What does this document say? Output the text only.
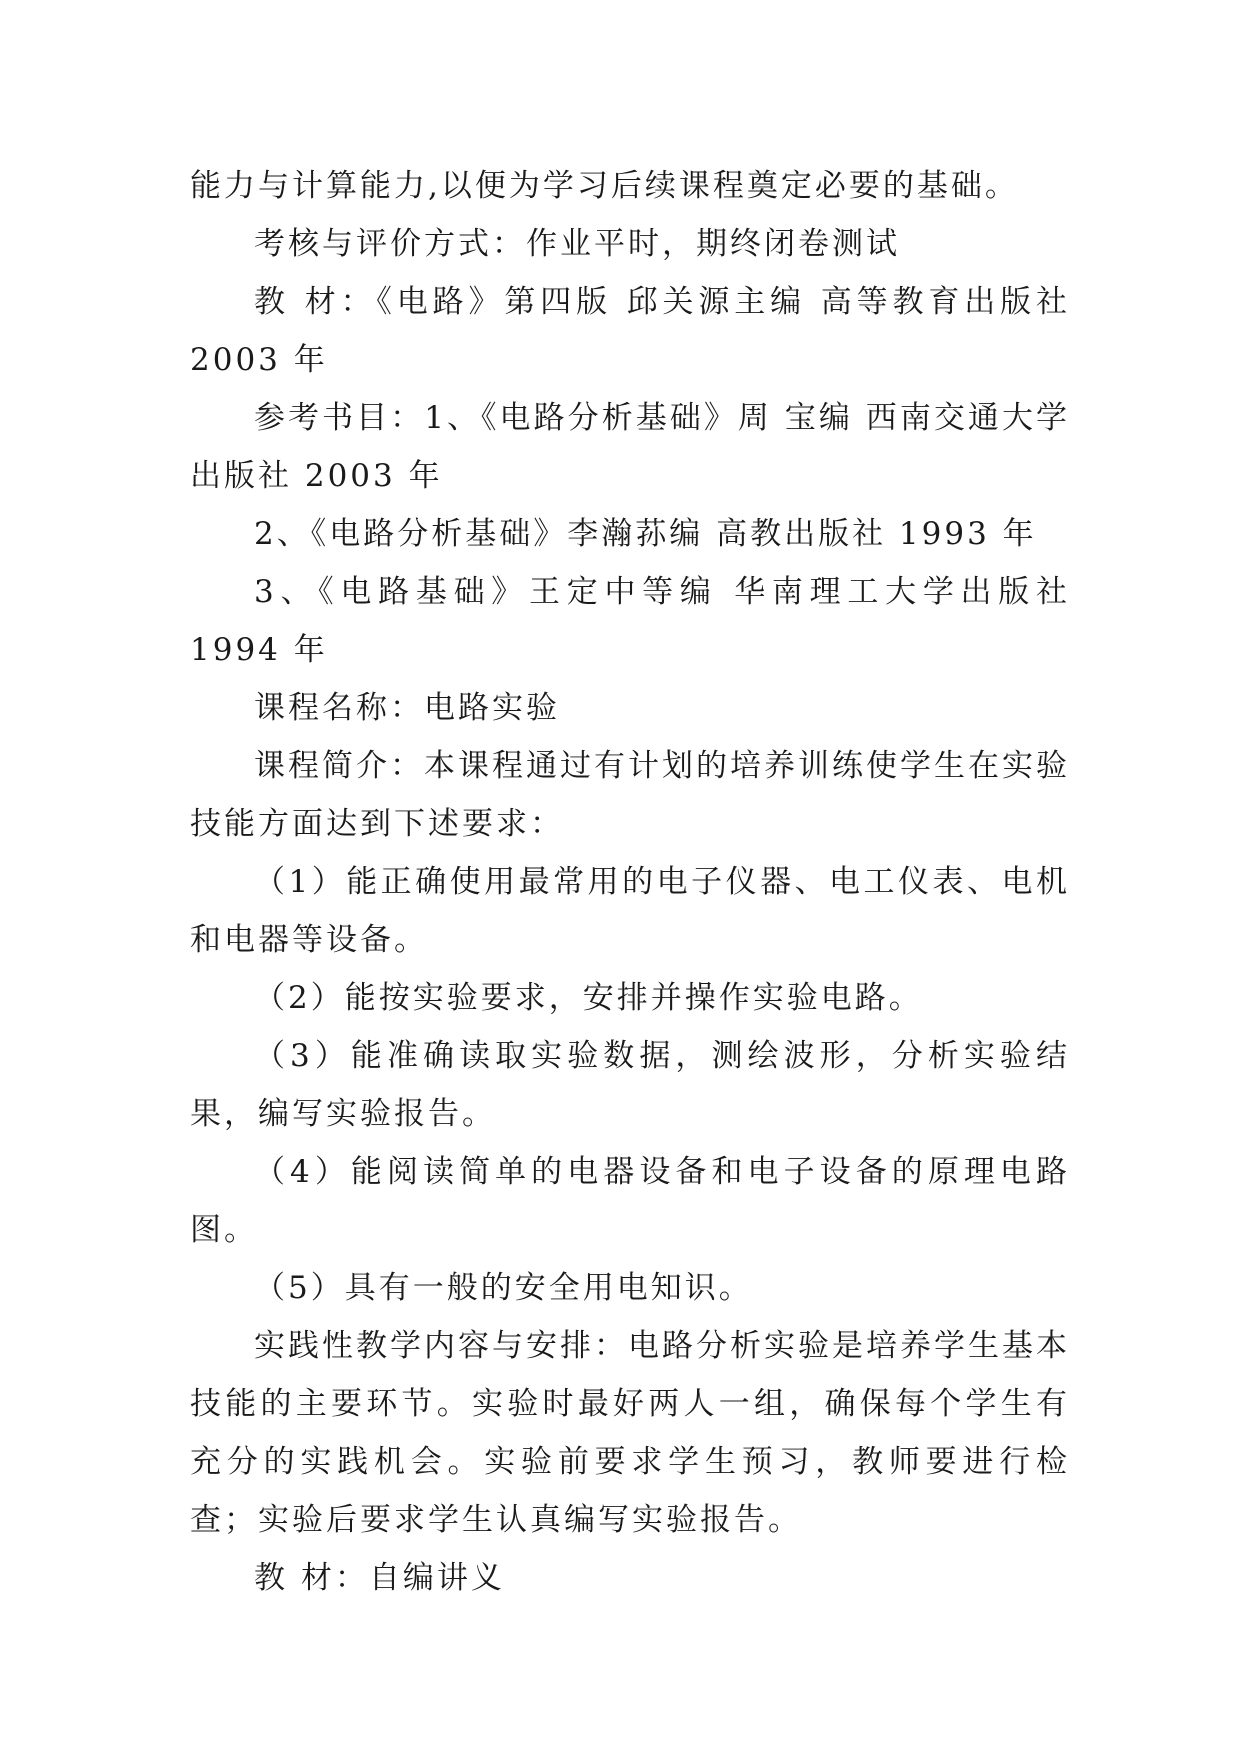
能力与计算能力,以便为学习后续课程奠定必要的基础。

考核与评价方式：作业平时，期终闭卷测试

教 材：《电路》第四版 邱关源主编 高等教育出版社 2003 年

参考书目：1、《电路分析基础》周 宝编 西南交通大学出版社 2003 年

2、《电路分析基础》李瀚荪编 高教出版社 1993 年

3、《电路基础》王定中等编 华南理工大学出版社 1994 年

课程名称：电路实验

课程简介：本课程通过有计划的培养训练使学生在实验技能方面达到下述要求：

（1）能正确使用最常用的电子仪器、电工仪表、电机和电器等设备。

（2）能按实验要求，安排并操作实验电路。

（3）能准确读取实验数据，测绘波形，分析实验结果，编写实验报告。

（4）能阅读简单的电器设备和电子设备的原理电路图。

（5）具有一般的安全用电知识。

实践性教学内容与安排：电路分析实验是培养学生基本技能的主要环节。实验时最好两人一组，确保每个学生有充分的实践机会。实验前要求学生预习，教师要进行检查；实验后要求学生认真编写实验报告。

教 材：自编讲义
